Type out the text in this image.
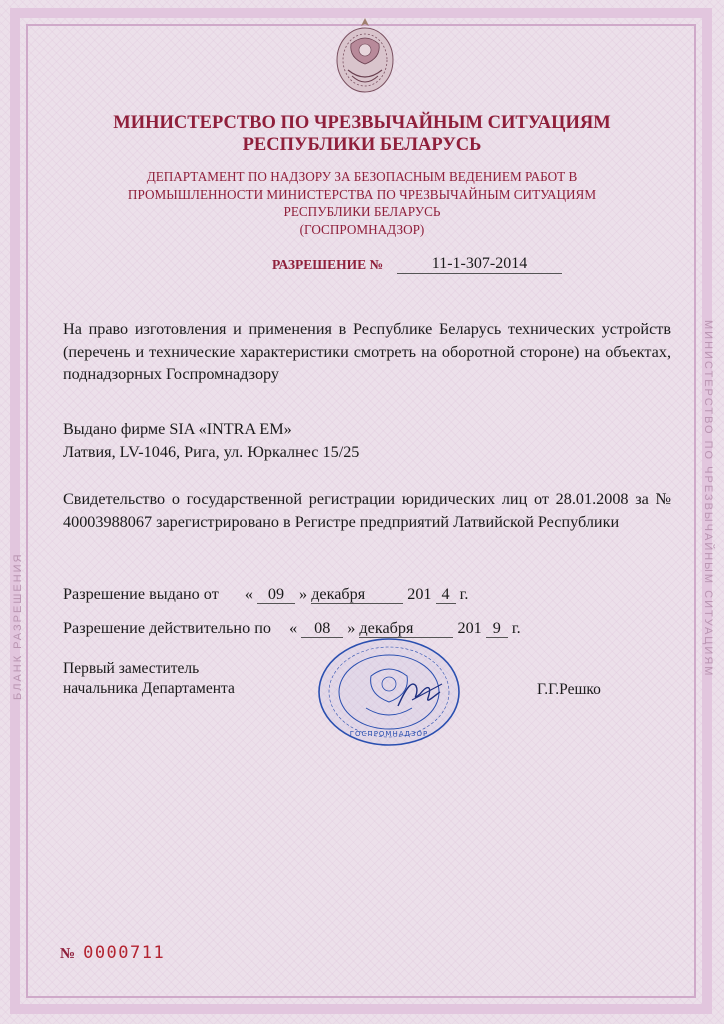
БЛАНК РАЗРЕШЕНИЯ	МИНИСТЕРСТВО ПО ЧРЕЗВЫЧАЙНЫМ СИТУАЦИЯМ
МИНИСТЕРСТВО ПО ЧРЕЗВЫЧАЙНЫМ СИТУАЦИЯМ
РЕСПУБЛИКИ БЕЛАРУСЬ
ДЕПАРТАМЕНТ ПО НАДЗОРУ ЗА БЕЗОПАСНЫМ ВЕДЕНИЕМ РАБОТ В
ПРОМЫШЛЕННОСТИ МИНИСТЕРСТВА ПО ЧРЕЗВЫЧАЙНЫМ СИТУАЦИЯМ
РЕСПУБЛИКИ БЕЛАРУСЬ
(ГОСПРОМНАДЗОР)
РАЗРЕШЕНИЕ №	11-1-307-2014
На право изготовления и применения в Республике Беларусь технических устройств (перечень и технические характеристики смотреть на оборотной стороне) на объектах, поднадзорных Госпромнадзору
Выдано фирме SIA «INTRA EM»
Латвия, LV-1046, Рига, ул. Юркалнес 15/25
Свидетельство о государственной регистрации юридических лиц от 28.01.2008 за № 40003988067 зарегистрировано в Регистре предприятий Латвийской Республики
Разрешение выдано от « 09 » декабря	201 4 г.
Разрешение действительно по « 08 » декабря	201 9 г.
Первый заместитель
начальника Департамента	Г.Г.Решко
ГОСПРОМНАДЗОР
№ 0000711
